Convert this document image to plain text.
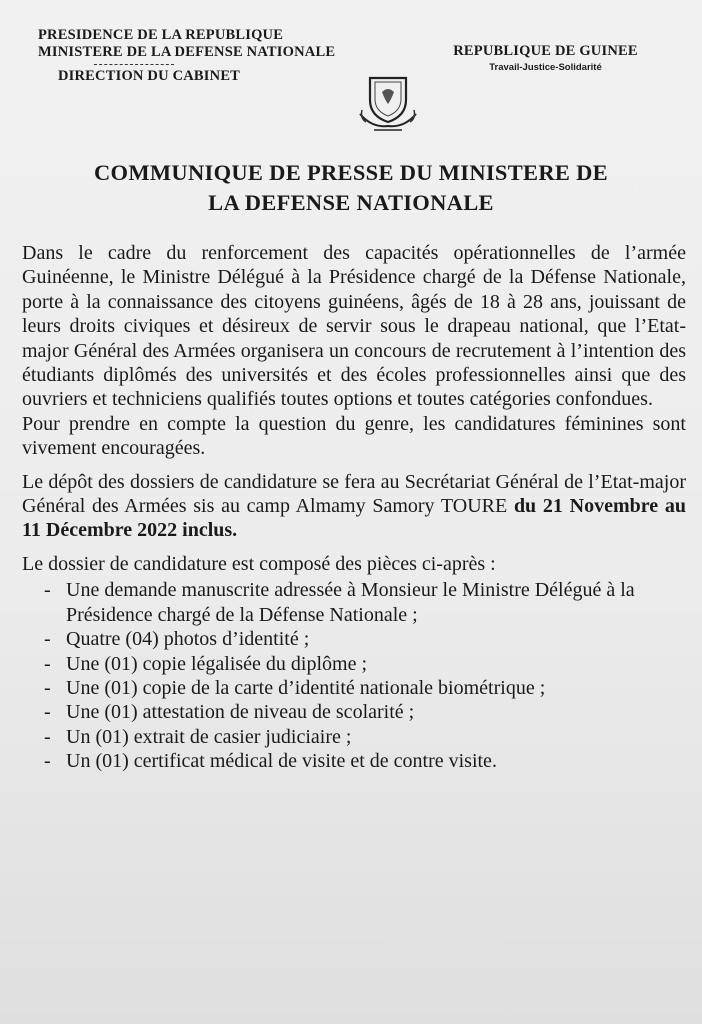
PRESIDENCE DE LA REPUBLIQUE
MINISTERE DE LA DEFENSE NATIONALE
DIRECTION DU CABINET
REPUBLIQUE DE GUINEE
Travail-Justice-Solidarité
COMMUNIQUE DE PRESSE DU MINISTERE DE
LA DEFENSE NATIONALE

Dans le cadre du renforcement des capacités opérationnelles de l’armée Guinéenne, le Ministre Délégué à la Présidence chargé de la Défense Nationale, porte à la connaissance des citoyens guinéens, âgés de 18 à 28 ans, jouissant de leurs droits civiques et désireux de servir sous le drapeau national, que l’Etat-major Général des Armées organisera un concours de recrutement à l’intention des étudiants diplômés des universités et des écoles professionnelles ainsi que des ouvriers et techniciens qualifiés toutes options et toutes catégories confondues.

Pour prendre en compte la question du genre, les candidatures féminines sont vivement encouragées.

Le dépôt des dossiers de candidature se fera au Secrétariat Général de l’Etat-major Général des Armées sis au camp Almamy Samory TOURE du 21 Novembre au 11 Décembre 2022 inclus.

Le dossier de candidature est composé des pièces ci-après :

- Une demande manuscrite adressée à Monsieur le Ministre Délégué à la Présidence chargé de la Défense Nationale ;
- Quatre (04) photos d’identité ;
- Une (01) copie légalisée du diplôme ;
- Une (01) copie de la carte d’identité nationale biométrique ;
- Une (01) attestation de niveau de scolarité ;
- Un (01) extrait de casier judiciaire ;
- Un (01) certificat médical de visite et de contre visite.
